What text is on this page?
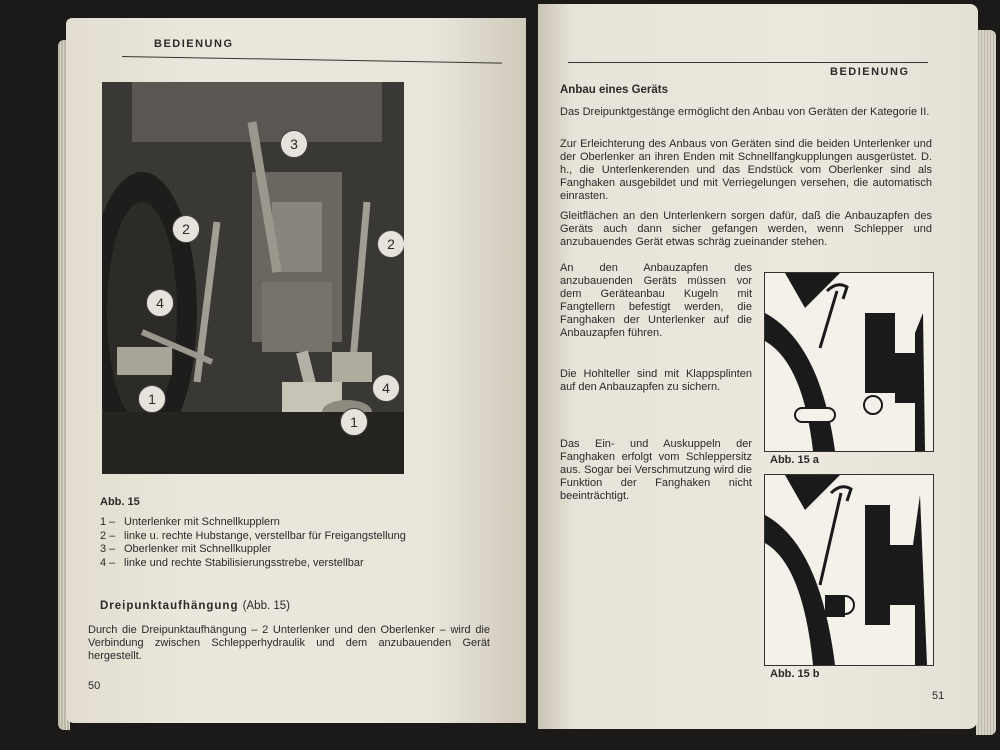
BEDIENUNG
3
2
2
4
4
1
1
Abb. 15
1 – Unterlenker mit Schnellkupplern
2 – linke u. rechte Hubstange, verstellbar für Freigangstellung
3 – Oberlenker mit Schnellkuppler
4 – linke und rechte Stabilisierungsstrebe, verstellbar
Dreipunktaufhängung (Abb. 15)
Durch die Dreipunktaufhängung – 2 Unterlenker und den Oberlenker – wird die Verbindung zwischen Schlepperhydraulik und dem anzubauenden Gerät hergestellt.
50
BEDIENUNG
Anbau eines Geräts
Das Dreipunktgestänge ermöglicht den Anbau von Geräten der Kategorie II.
Zur Erleichterung des Anbaus von Geräten sind die beiden Unterlenker und der Oberlenker an ihren Enden mit Schnellfangkupplungen ausgerüstet. D. h., die Unterlenkerenden und das Endstück vom Oberlenker sind als Fanghaken ausgebildet und mit Verriegelungen versehen, die automatisch einrasten.
Gleitflächen an den Unterlenkern sorgen dafür, daß die Anbauzapfen des Geräts auch dann sicher gefangen werden, wenn Schlepper und anzubauendes Gerät etwas schräg zueinander stehen.
An den Anbauzapfen des anzubauenden Geräts müssen vor dem Geräteanbau Kugeln mit Fangtellern befestigt werden, die Fanghaken der Unterlenker auf die Anbauzapfen führen.
Die Hohlteller sind mit Klappsplinten auf den Anbauzapfen zu sichern.
Das Ein- und Auskuppeln der Fanghaken erfolgt vom Schleppersitz aus. Sogar bei Verschmutzung wird die Funktion der Fanghaken nicht beeinträchtigt.
Abb. 15 a
Abb. 15 b
51
